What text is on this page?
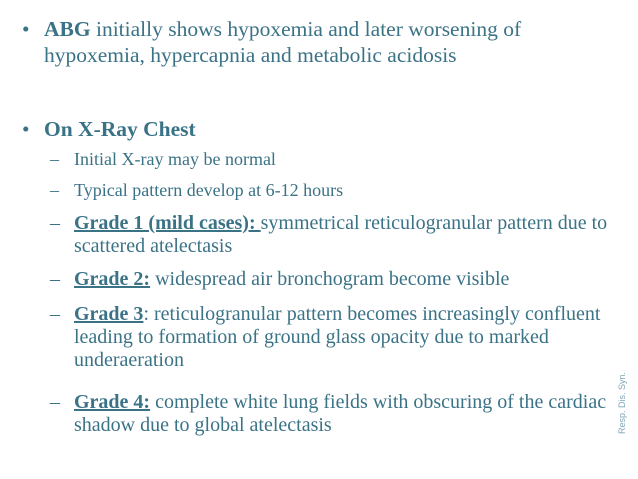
• ABG initially shows hypoxemia and later worsening of hypoxemia, hypercapnia and metabolic acidosis
• On X-Ray Chest
– Initial X-ray may be normal
– Typical pattern develop at 6-12 hours
– Grade 1 (mild cases): symmetrical reticulogranular pattern due to scattered atelectasis
– Grade 2: widespread air bronchogram become visible
– Grade 3: reticulogranular pattern becomes increasingly confluent leading to formation of ground glass opacity due to marked underaeration
– Grade 4: complete white lung fields with obscuring of the cardiac shadow due to global atelectasis	Resp. Dis. Syn.
